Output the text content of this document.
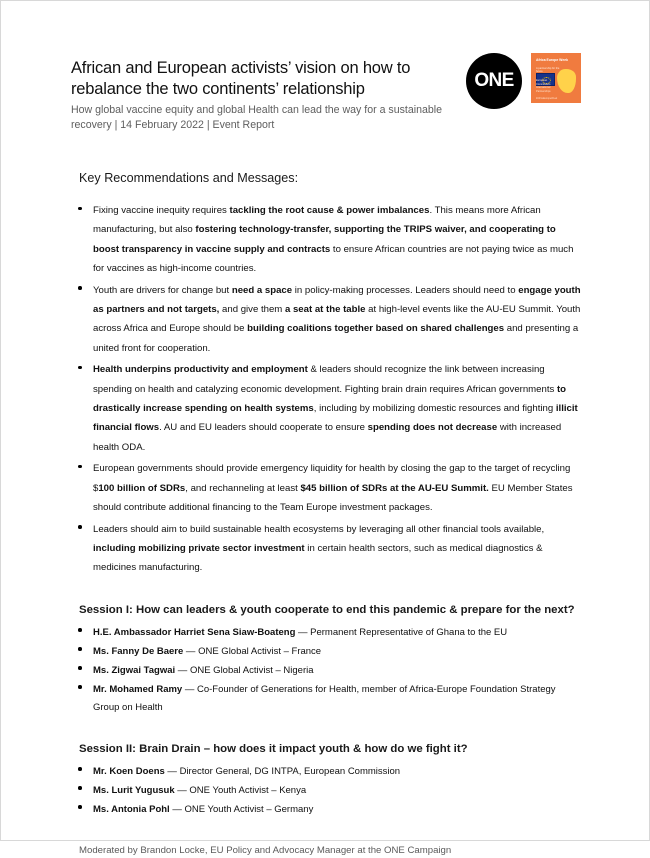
African and European activists’ vision on how to rebalance the two continents’ relationship

How global vaccine equity and global Health can lead the way for a sustainable recovery | 14 February 2022 | Event Report

ONE
Africa Europe Week
A partnership for the future
European Commission International Partnerships
#AfricaEuropeWeek
Key Recommendations and Messages:
Fixing vaccine inequity requires tackling the root cause & power imbalances. This means more African manufacturing, but also fostering technology-transfer, supporting the TRIPS waiver, and cooperating to boost transparency in vaccine supply and contracts to ensure African countries are not paying twice as much for vaccines as high-income countries.
Youth are drivers for change but need a space in policy-making processes. Leaders should need to engage youth as partners and not targets, and give them a seat at the table at high-level events like the AU-EU Summit. Youth across Africa and Europe should be building coalitions together based on shared challenges and presenting a united front for cooperation.
Health underpins productivity and employment & leaders should recognize the link between increasing spending on health and catalyzing economic development. Fighting brain drain requires African governments to drastically increase spending on health systems, including by mobilizing domestic resources and fighting illicit financial flows. AU and EU leaders should cooperate to ensure spending does not decrease with increased health ODA.
European governments should provide emergency liquidity for health by closing the gap to the target of recycling $100 billion of SDRs, and rechanneling at least $45 billion of SDRs at the AU-EU Summit. EU Member States should contribute additional financing to the Team Europe investment packages.
Leaders should aim to build sustainable health ecosystems by leveraging all other financial tools available, including mobilizing private sector investment in certain health sectors, such as medical diagnostics & medicines manufacturing.
Session I: How can leaders & youth cooperate to end this pandemic & prepare for the next?
H.E. Ambassador Harriet Sena Siaw-Boateng — Permanent Representative of Ghana to the EU
Ms. Fanny De Baere — ONE Global Activist – France
Ms. Zigwai Tagwai — ONE Global Activist – Nigeria
Mr. Mohamed Ramy — Co-Founder of Generations for Health, member of Africa-Europe Foundation Strategy Group on Health
Session II: Brain Drain – how does it impact youth & how do we fight it?
Mr. Koen Doens — Director General, DG INTPA, European Commission
Ms. Lurit Yugusuk — ONE Youth Activist – Kenya
Ms. Antonia Pohl — ONE Youth Activist – Germany
Moderated by Brandon Locke, EU Policy and Advocacy Manager at the ONE Campaign
